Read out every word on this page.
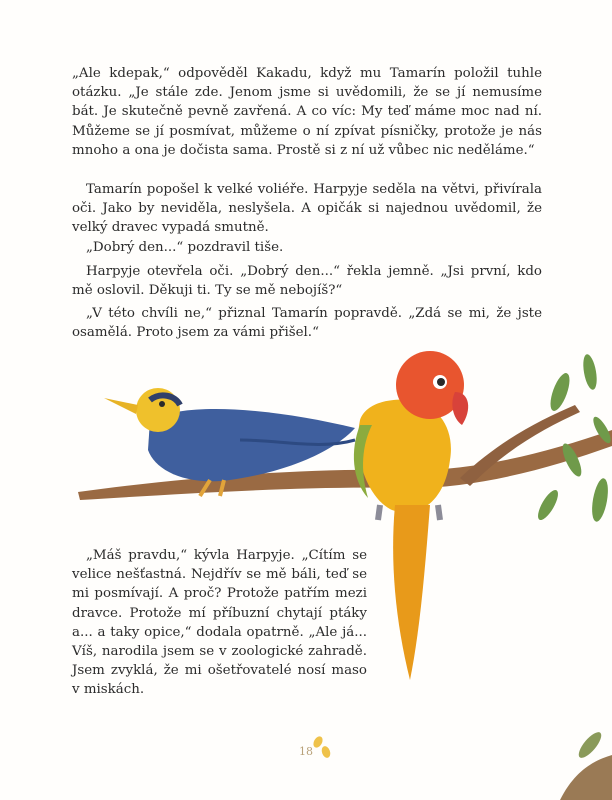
„Ale kdepak,“ odpověděl Kakadu, když mu Tamarín položil tuhle otázku. „Je stále zde. Jenom jsme si uvědomili, že se jí nemusíme bát. Je skutečně pevně zavřená. A co víc: My teď máme moc nad ní. Můžeme se jí posmívat, můžeme o ní zpívat písničky, protože je nás mnoho a ona je dočista sama. Prostě si z ní už vůbec nic neděláme.“

Tamarín popošel k velké voliéře. Harpyje seděla na větvi, přivírala oči. Jako by neviděla, neslyšela. A opičák si najednou uvědomil, že velký dravec vypadá smutně.

„Dobrý den...“ pozdravil tiše.

Harpyje otevřela oči. „Dobrý den...“ řekla jemně. „Jsi první, kdo mě oslovil. Děkuji ti. Ty se mě nebojíš?“

„V této chvíli ne,“ přiznal Tamarín popravdě. „Zdá se mi, že jste osamělá. Proto jsem za vámi přišel.“

„Máš pravdu,“ kývla Harpyje. „Cítím se velice nešťastná. Nejdřív se mě báli, teď se mi posmívají. A proč? Protože patřím mezi dravce. Protože mí příbuzní chytají ptáky a... a taky opice,“ dodala opatrně. „Ale já... Víš, narodila jsem se v zoologické zahradě. Jsem zvyklá, že mi ošetřovatelé nosí maso v miskách.

18
